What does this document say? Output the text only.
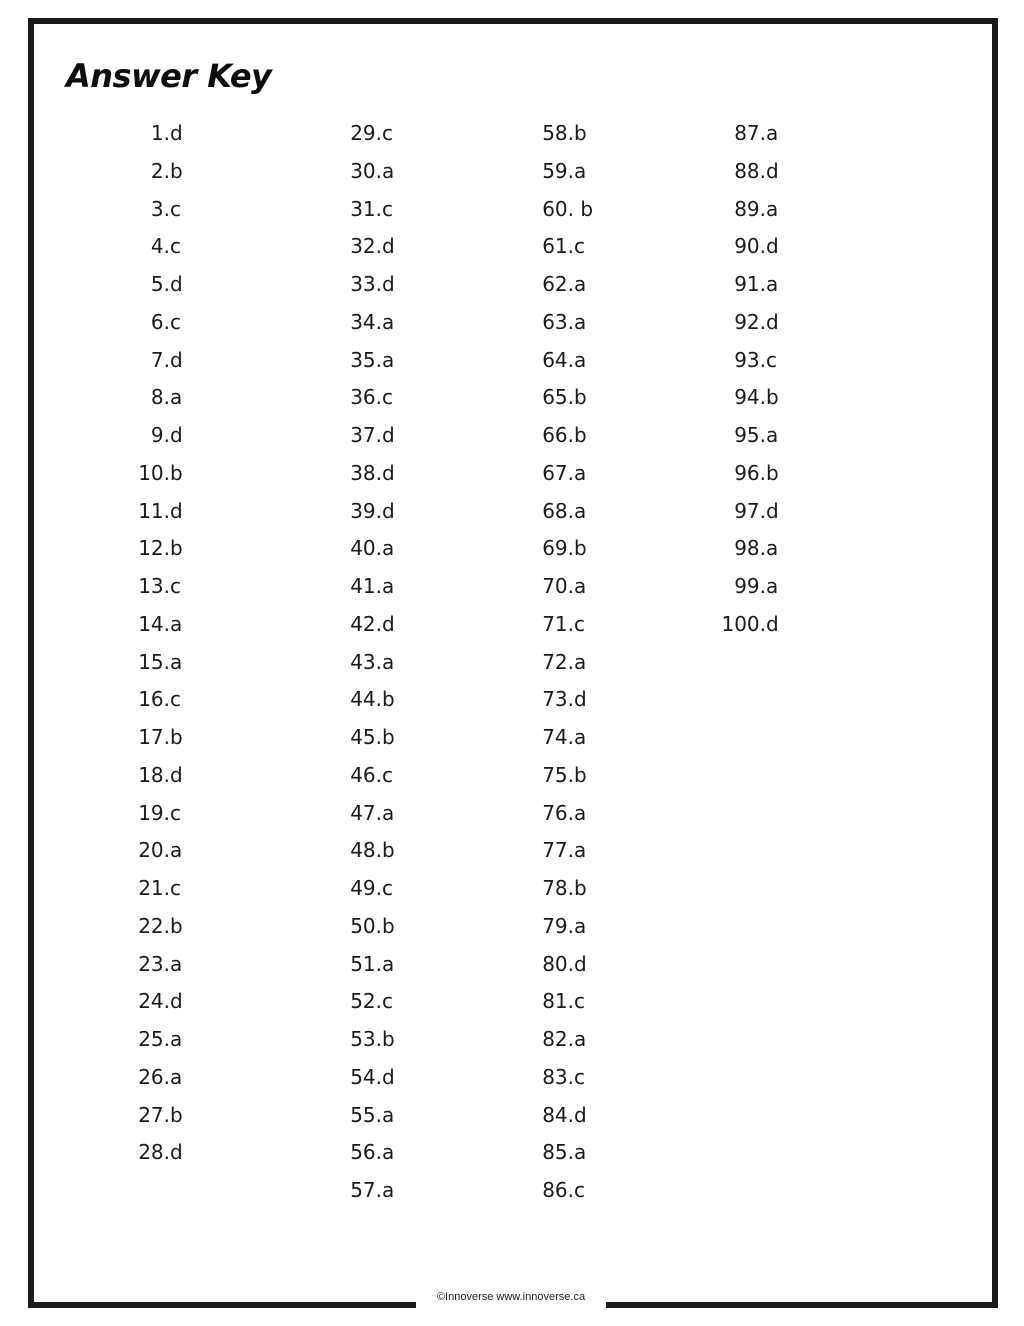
Answer Key
1. d
2. b
3. c
4. c
5. d
6. c
7. d
8. a
9. d
10. b
11. d
12. b
13. c
14. a
15. a
16. c
17. b
18. d
19. c
20. a
21. c
22. b
23. a
24. d
25. a
26. a
27. b
28. d
29. c
30. a
31. c
32. d
33. d
34. a
35. a
36. c
37. d
38. d
39. d
40. a
41. a
42. d
43. a
44. b
45. b
46. c
47. a
48. b
49. c
50. b
51. a
52. c
53. b
54. d
55. a
56. a
57. a
58. b
59. a
60. b
61. c
62. a
63. a
64. a
65. b
66. b
67. a
68. a
69. b
70. a
71. c
72. a
73. d
74. a
75. b
76. a
77. a
78. b
79. a
80. d
81. c
82. a
83. c
84. d
85. a
86. c
87. a
88. d
89. a
90. d
91. a
92. d
93. c
94. b
95. a
96. b
97. d
98. a
99. a
100. d
©Innoverse www.innoverse.ca
